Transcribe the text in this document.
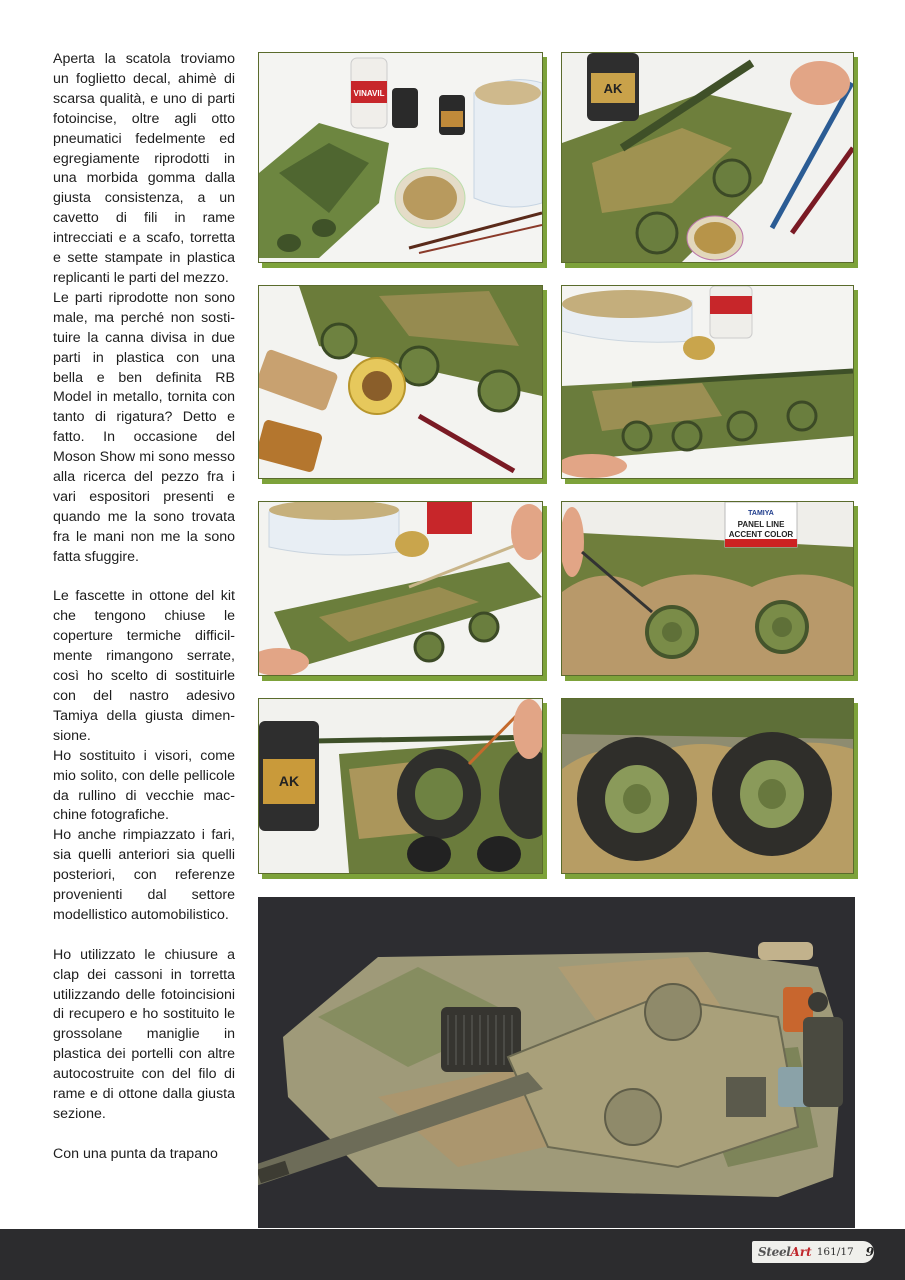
Aperta la scatola troviamo un foglietto decal, ahimè di scarsa qualità, e uno di parti fotoincise, oltre agli otto pneumatici fedelmente ed egregiamente riprodotti in una morbida gomma dalla giusta consistenza, a un cavetto di fili in rame intrecciati e a scafo, torretta e sette stampate in plastica replicanti le parti del mezzo.

Le parti riprodotte non sono male, ma perché non sostituire la canna divisa in due parti in plastica con una bella e ben definita RB Model in metallo, tornita con tanto di rigatura? Detto e fatto. In occasione del Moson Show mi sono messo alla ricerca del pezzo fra i vari espositori presenti e quando me la sono trovata fra le mani non me la sono fatta sfuggire.

Le fascette in ottone del kit che tengono chiuse le coperture termiche difficilmente rimangono serrate, così ho scelto di sostituirle con del nastro adesivo Tamiya della giusta dimensione.

Ho sostituito i visori, come mio solito, con delle pellicole da rullino di vecchie macchine fotografiche.

Ho anche rimpiazzato i fari, sia quelli anteriori sia quelli posteriori, con referenze provenienti dal settore modellistico automobilistico.

Ho utilizzato le chiusure a clap dei cassoni in torretta utilizzando delle fotoincisioni di recupero e ho sostituito le grossolane maniglie in plastica dei portelli con altre autocostruite con del filo di rame e di ottone dalla giusta sezione.

Con una punta da trapano

VINAVIL	AK
TAMIYA
PANEL LINE
ACCENT COLOR
AK
Steel Art 161/17 9
